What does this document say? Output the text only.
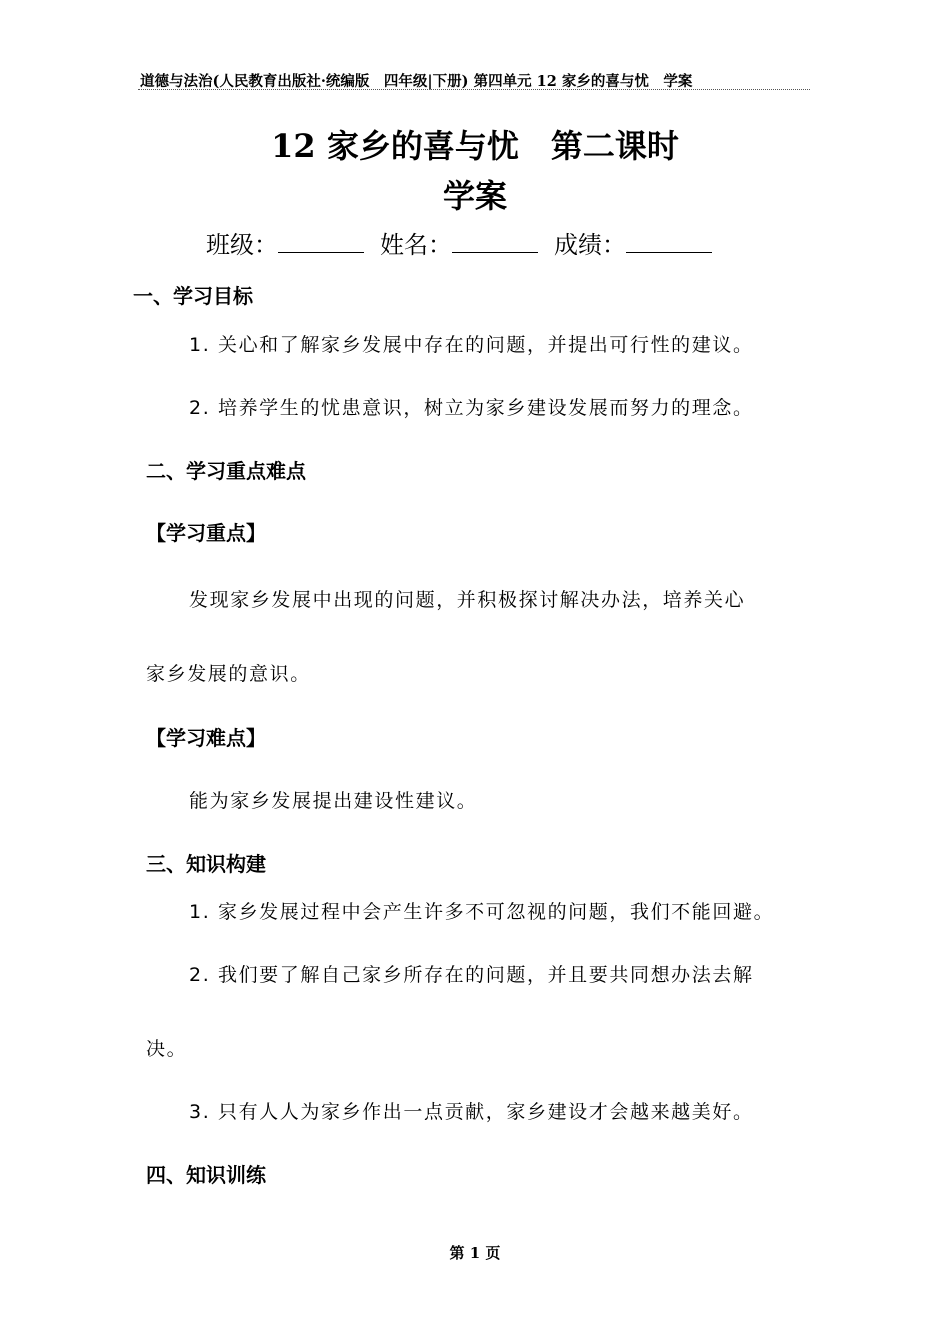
道德与法治(人民教育出版社·统编版　四年级|下册) 第四单元 12 家乡的喜与忧　学案
12 家乡的喜与忧　第二课时
学案
班级：	姓名：	成绩：
一、学习目标
1. 关心和了解家乡发展中存在的问题，并提出可行性的建议。
2. 培养学生的忧患意识，树立为家乡建设发展而努力的理念。
二、学习重点难点
【学习重点】
发现家乡发展中出现的问题，并积极探讨解决办法，培养关心
家乡发展的意识。
【学习难点】
能为家乡发展提出建设性建议。
三、知识构建
1. 家乡发展过程中会产生许多不可忽视的问题，我们不能回避。
2. 我们要了解自己家乡所存在的问题，并且要共同想办法去解
决。
3. 只有人人为家乡作出一点贡献，家乡建设才会越来越美好。
四、知识训练
第 1 页
